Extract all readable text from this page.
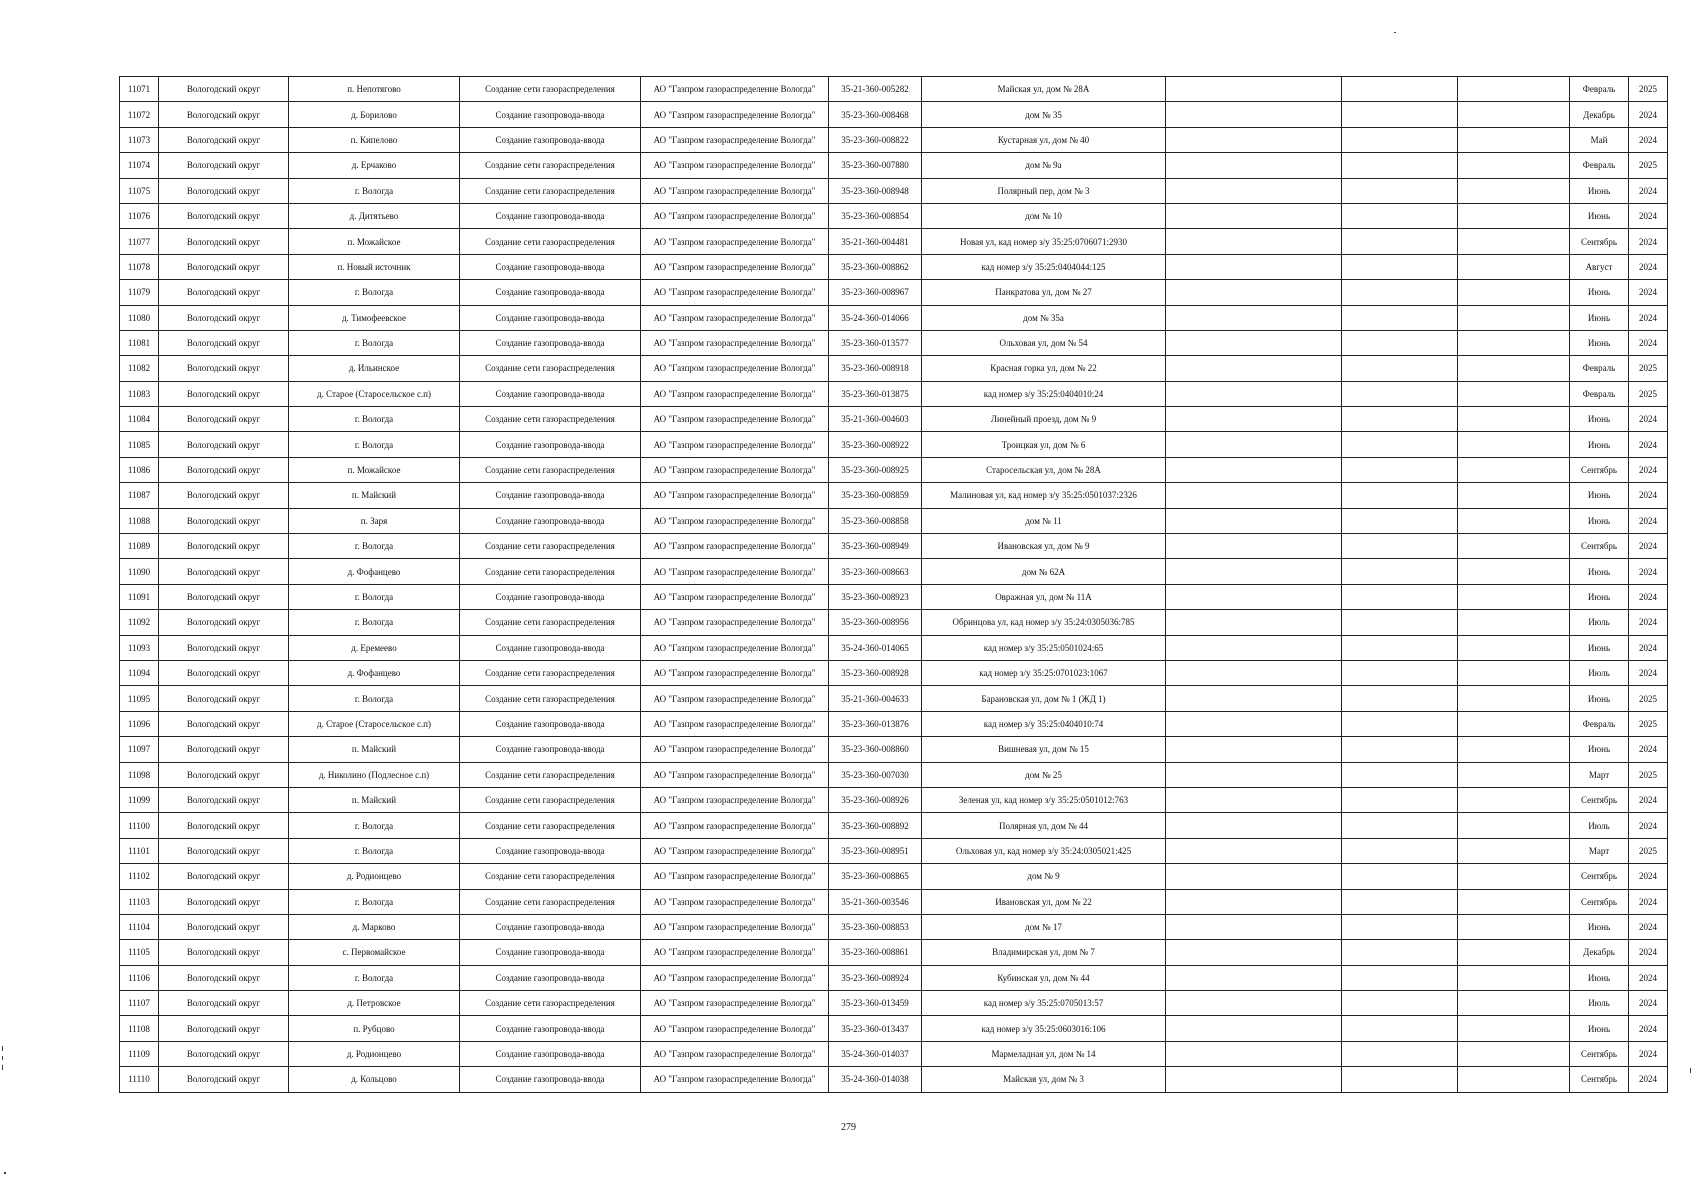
11071	Вологодский округ	п. Непотягово	Создание сети газораспределения	АО "Газпром газораспределение Вологда"	35-21-360-005282	Майская ул, дом № 28А				Февраль	2025
11072	Вологодский округ	д. Борилово	Создание газопровода-ввода	АО "Газпром газораспределение Вологда"	35-23-360-008468	дом № 35				Декабрь	2024
11073	Вологодский округ	п. Кипелово	Создание газопровода-ввода	АО "Газпром газораспределение Вологда"	35-23-360-008822	Кустарная ул, дом № 40				Май	2024
11074	Вологодский округ	д. Ерчаково	Создание сети газораспределения	АО "Газпром газораспределение Вологда"	35-23-360-007880	дом № 9а				Февраль	2025
11075	Вологодский округ	г. Вологда	Создание сети газораспределения	АО "Газпром газораспределение Вологда"	35-23-360-008948	Полярный пер, дом № 3				Июнь	2024
11076	Вологодский округ	д. Дитятьево	Создание газопровода-ввода	АО "Газпром газораспределение Вологда"	35-23-360-008854	дом № 10				Июнь	2024
11077	Вологодский округ	п. Можайское	Создание сети газораспределения	АО "Газпром газораспределение Вологда"	35-21-360-004481	Новая ул, кад номер з/у 35:25:0706071:2930				Сентябрь	2024
11078	Вологодский округ	п. Новый источник	Создание газопровода-ввода	АО "Газпром газораспределение Вологда"	35-23-360-008862	кад номер з/у 35:25:0404044:125				Август	2024
11079	Вологодский округ	г. Вологда	Создание газопровода-ввода	АО "Газпром газораспределение Вологда"	35-23-360-008967	Панкратова ул, дом № 27				Июнь	2024
11080	Вологодский округ	д. Тимофеевское	Создание газопровода-ввода	АО "Газпром газораспределение Вологда"	35-24-360-014066	дом № 35а				Июнь	2024
11081	Вологодский округ	г. Вологда	Создание газопровода-ввода	АО "Газпром газораспределение Вологда"	35-23-360-013577	Ольховая ул, дом № 54				Июнь	2024
11082	Вологодский округ	д. Ильинское	Создание сети газораспределения	АО "Газпром газораспределение Вологда"	35-23-360-008918	Красная горка ул, дом № 22				Февраль	2025
11083	Вологодский округ	д. Старое (Старосельское с.п)	Создание газопровода-ввода	АО "Газпром газораспределение Вологда"	35-23-360-013875	кад номер з/у 35:25:0404010:24				Февраль	2025
11084	Вологодский округ	г. Вологда	Создание сети газораспределения	АО "Газпром газораспределение Вологда"	35-21-360-004603	Линейный проезд, дом № 9				Июнь	2024
11085	Вологодский округ	г. Вологда	Создание газопровода-ввода	АО "Газпром газораспределение Вологда"	35-23-360-008922	Троицкая ул, дом № 6				Июнь	2024
11086	Вологодский округ	п. Можайское	Создание сети газораспределения	АО "Газпром газораспределение Вологда"	35-23-360-008925	Старосельская ул, дом № 28А				Сентябрь	2024
11087	Вологодский округ	п. Майский	Создание газопровода-ввода	АО "Газпром газораспределение Вологда"	35-23-360-008859	Малиновая ул, кад номер з/у 35:25:0501037:2326				Июнь	2024
11088	Вологодский округ	п. Заря	Создание газопровода-ввода	АО "Газпром газораспределение Вологда"	35-23-360-008858	дом № 11				Июнь	2024
11089	Вологодский округ	г. Вологда	Создание сети газораспределения	АО "Газпром газораспределение Вологда"	35-23-360-008949	Ивановская ул, дом № 9				Сентябрь	2024
11090	Вологодский округ	д. Фофанцево	Создание сети газораспределения	АО "Газпром газораспределение Вологда"	35-23-360-008663	дом № 62А				Июнь	2024
11091	Вологодский округ	г. Вологда	Создание газопровода-ввода	АО "Газпром газораспределение Вологда"	35-23-360-008923	Овражная ул, дом № 11А				Июнь	2024
11092	Вологодский округ	г. Вологда	Создание сети газораспределения	АО "Газпром газораспределение Вологда"	35-23-360-008956	Обринцова ул, кад номер з/у 35:24:0305036:785				Июль	2024
11093	Вологодский округ	д. Еремеево	Создание газопровода-ввода	АО "Газпром газораспределение Вологда"	35-24-360-014065	кад номер з/у 35:25:0501024:65				Июнь	2024
11094	Вологодский округ	д. Фофанцево	Создание сети газораспределения	АО "Газпром газораспределение Вологда"	35-23-360-008928	кад номер з/у 35:25:0701023:1067				Июль	2024
11095	Вологодский округ	г. Вологда	Создание сети газораспределения	АО "Газпром газораспределение Вологда"	35-21-360-004633	Барановская ул, дом № 1 (ЖД 1)				Июнь	2025
11096	Вологодский округ	д. Старое (Старосельское с.п)	Создание газопровода-ввода	АО "Газпром газораспределение Вологда"	35-23-360-013876	кад номер з/у 35:25:0404010:74				Февраль	2025
11097	Вологодский округ	п. Майский	Создание газопровода-ввода	АО "Газпром газораспределение Вологда"	35-23-360-008860	Вишневая ул, дом № 15				Июнь	2024
11098	Вологодский округ	д. Николино (Подлесное с.п)	Создание сети газораспределения	АО "Газпром газораспределение Вологда"	35-23-360-007030	дом № 25				Март	2025
11099	Вологодский округ	п. Майский	Создание сети газораспределения	АО "Газпром газораспределение Вологда"	35-23-360-008926	Зеленая ул, кад номер з/у 35:25:0501012:763				Сентябрь	2024
11100	Вологодский округ	г. Вологда	Создание сети газораспределения	АО "Газпром газораспределение Вологда"	35-23-360-008892	Полярная ул, дом № 44				Июль	2024
11101	Вологодский округ	г. Вологда	Создание газопровода-ввода	АО "Газпром газораспределение Вологда"	35-23-360-008951	Ольховая ул, кад номер з/у 35:24:0305021:425				Март	2025
11102	Вологодский округ	д. Родионцево	Создание сети газораспределения	АО "Газпром газораспределение Вологда"	35-23-360-008865	дом № 9				Сентябрь	2024
11103	Вологодский округ	г. Вологда	Создание сети газораспределения	АО "Газпром газораспределение Вологда"	35-21-360-003546	Ивановская ул, дом № 22				Сентябрь	2024
11104	Вологодский округ	д. Марково	Создание газопровода-ввода	АО "Газпром газораспределение Вологда"	35-23-360-008853	дом № 17				Июнь	2024
11105	Вологодский округ	с. Первомайское	Создание газопровода-ввода	АО "Газпром газораспределение Вологда"	35-23-360-008861	Владимирская ул, дом № 7				Декабрь	2024
11106	Вологодский округ	г. Вологда	Создание газопровода-ввода	АО "Газпром газораспределение Вологда"	35-23-360-008924	Кубинская ул, дом № 44				Июнь	2024
11107	Вологодский округ	д. Петровское	Создание сети газораспределения	АО "Газпром газораспределение Вологда"	35-23-360-013459	кад номер з/у 35:25:0705013:57				Июль	2024
11108	Вологодский округ	п. Рубцово	Создание газопровода-ввода	АО "Газпром газораспределение Вологда"	35-23-360-013437	кад номер з/у 35:25:0603016:106				Июнь	2024
11109	Вологодский округ	д. Родионцево	Создание газопровода-ввода	АО "Газпром газораспределение Вологда"	35-24-360-014037	Мармеладная ул, дом № 14				Сентябрь	2024
11110	Вологодский округ	д. Кольцово	Создание газопровода-ввода	АО "Газпром газораспределение Вологда"	35-24-360-014038	Майская ул, дом № 3				Сентябрь	2024
279
